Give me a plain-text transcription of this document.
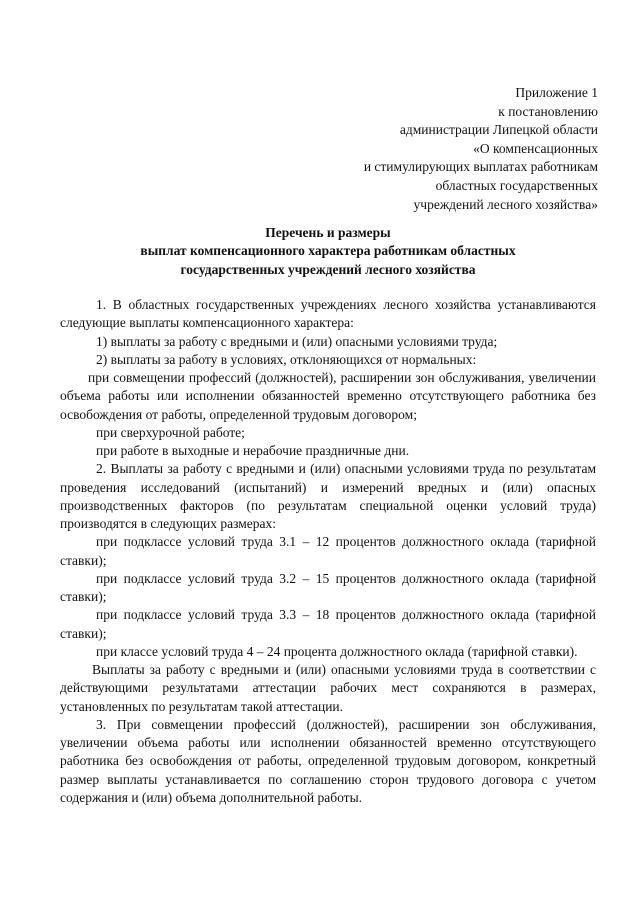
Приложение 1
к постановлению
администрации Липецкой области
«О компенсационных
и стимулирующих выплатах работникам
областных государственных
учреждений лесного хозяйства»
Перечень и размеры
выплат компенсационного характера работникам областных
государственных учреждений лесного хозяйства

1. В областных государственных учреждениях лесного хозяйства устанавливаются следующие выплаты компенсационного характера:

1) выплаты за работу с вредными и (или) опасными условиями труда;

2) выплаты за работу в условиях, отклоняющихся от нормальных:

при совмещении профессий (должностей), расширении зон обслуживания, увеличении объема работы или исполнении обязанностей временно отсутствующего работника без освобождения от работы, определенной трудовым договором;

при сверхурочной работе;

при работе в выходные и нерабочие праздничные дни.

2. Выплаты за работу с вредными и (или) опасными условиями труда по результатам проведения исследований (испытаний) и измерений вредных и (или) опасных производственных факторов (по результатам специальной оценки условий труда) производятся в следующих размерах:

при подклассе условий труда 3.1 – 12 процентов должностного оклада (тарифной ставки);

при подклассе условий труда 3.2 – 15 процентов должностного оклада (тарифной ставки);

при подклассе условий труда 3.3 – 18 процентов должностного оклада (тарифной ставки);

при классе условий труда 4 – 24 процента должностного оклада (тарифной ставки).

Выплаты за работу с вредными и (или) опасными условиями труда в соответствии с действующими результатами аттестации рабочих мест сохраняются в размерах, установленных по результатам такой аттестации.

3. При совмещении профессий (должностей), расширении зон обслуживания, увеличении объема работы или исполнении обязанностей временно отсутствующего работника без освобождения от работы, определенной трудовым договором, конкретный размер выплаты устанавливается по соглашению сторон трудового договора с учетом содержания и (или) объема дополнительной работы.
